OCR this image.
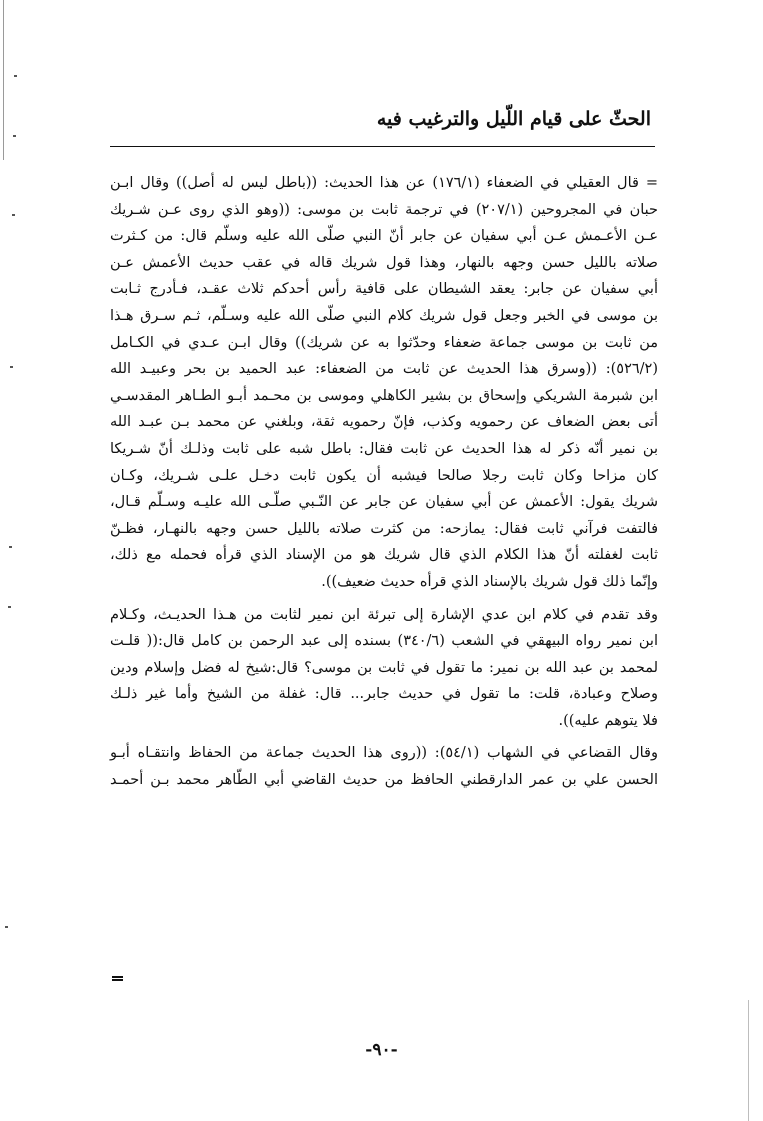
الحثّ على قيام اللّيل والترغيب فيه
= قال العقيلي في الضعفاء (١٧٦/١) عن هذا الحديث: ((باطل ليس له أصل)) وقال ابـن
حبان في المجروحين (٢٠٧/١) في ترجمة ثابت بن موسى: ((وهو الذي روى عـن شـريك
عـن الأعـمش عـن أبي سفيان عن جابر أنّ النبي صلّى الله عليه وسلّم قال: من كـثرت
صلاته بالليل حسن وجهه بالنهار، وهذا قول شريك قاله في عقب حديث الأعمش عـن
أبي سفيان عن جابر: يعقد الشيطان على قافية رأس أحدكم ثلاث عقـد، فـأدرج ثـابت
بن موسى في الخبر وجعل قول شريك كلام النبي صلّى الله عليه وسـلّم، ثـم سـرق هـذا
من ثابت بن موسى جماعة ضعفاء وحدّثوا به عن شريك)) وقال ابـن عـدي في الكـامل
(٥٢٦/٢): ((وسرق هذا الحديث عن ثابت من الضعفاء: عبد الحميد بن بحر وعبيـد الله
ابن شبرمة الشريكي وإسحاق بن بشير الكاهلي وموسى بن محـمد أبـو الطـاهر المقدسـي
أتى بعض الضعاف عن رحمويه وكذب، فإنّ رحمويه ثقة، وبلغني عن محمد بـن عبـد الله
بن نمير أنّه ذكر له هذا الحديث عن ثابت فقال: باطل شبه على ثابت وذلـك أنّ شـريكا
كان مزاحا وكان ثابت رجلا صالحا فيشبه أن يكون ثابت دخـل علـى شـريك، وكـان
شريك يقول: الأعمش عن أبي سفيان عن جابر عن النّـبي صلّـى الله عليـه وسـلّم قـال،
فالتفت فرآني ثابت فقال: يمازحه: من كثرت صلاته بالليل حسن وجهه بالنهـار، فظـنّ
ثابت لغفلته أنّ هذا الكلام الذي قال شريك هو من الإسناد الذي قرأه فحمله مع ذلك،
وإنّما ذلك قول شريك بالإسناد الذي قرأه حديث ضعيف)).
وقد تقدم في كلام ابن عدي الإشارة إلى تبرئة ابن نمير لثابت من هـذا الحديـث، وكـلام
ابن نمير رواه البيهقي في الشعب (٣٤٠/٦) بسنده إلى عبد الرحمن بن كامل قال:(( قلـت
لمحمد بن عبد الله بن نمير: ما تقول في ثابت بن موسى؟ قال:شيخ له فضل وإسلام ودين
وصلاح وعبادة، قلت: ما تقول في حديث جابر... قال: غفلة من الشيخ وأما غير ذلـك
فلا يتوهم عليه)).
وقال القضاعي في الشهاب (٥٤/١): ((روى هذا الحديث جماعة من الحفاظ وانتقـاه أبـو
الحسن علي بن عمر الدارقطني الحافظ من حديث القاضي أبي الطّاهر محمد بـن أحمـد
-٩٠-
